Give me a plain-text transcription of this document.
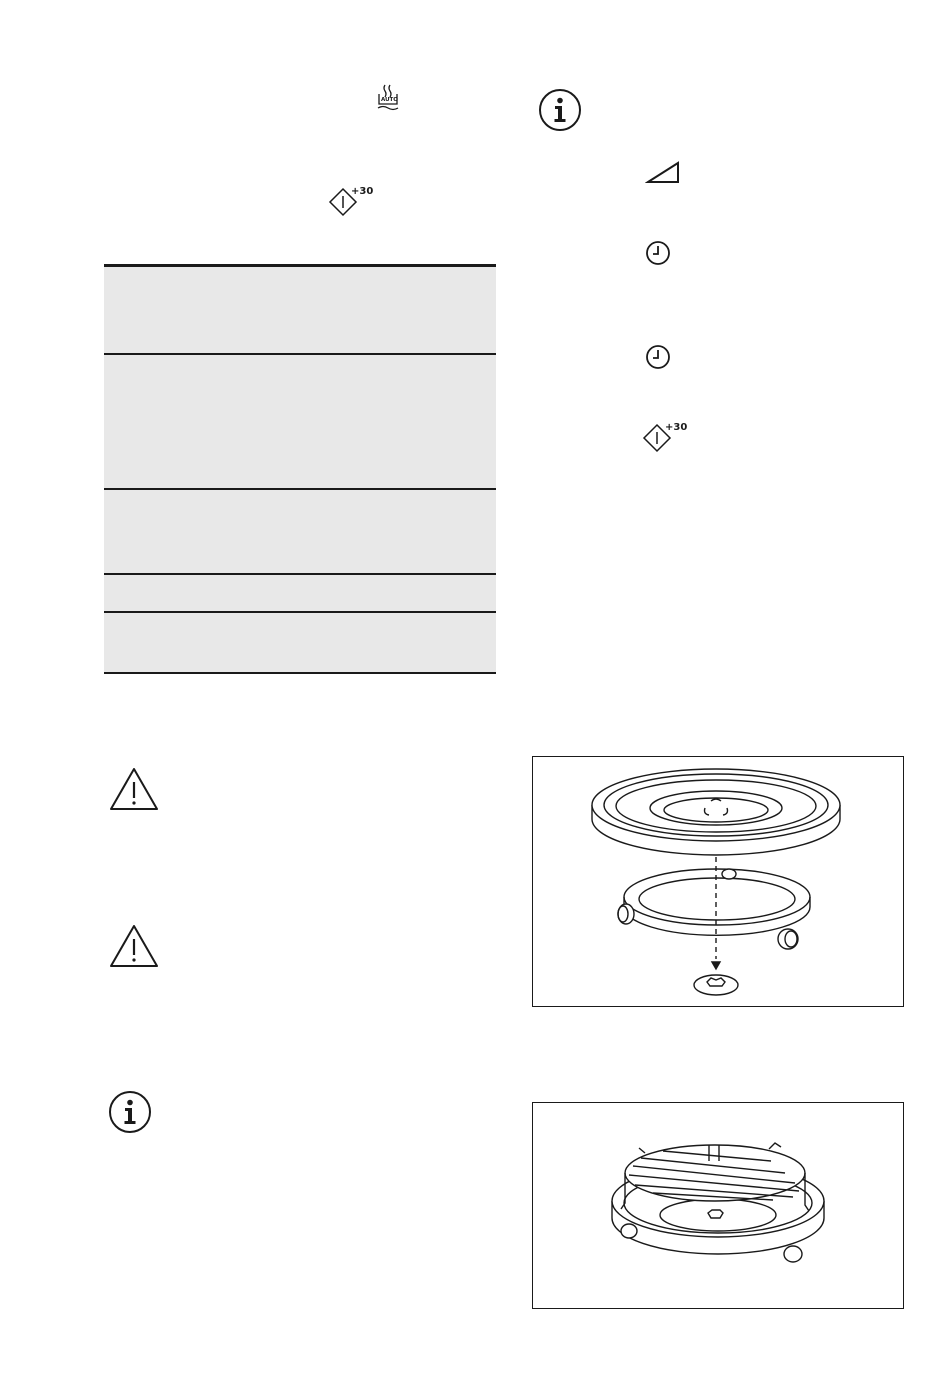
AUTO
+30
+30
